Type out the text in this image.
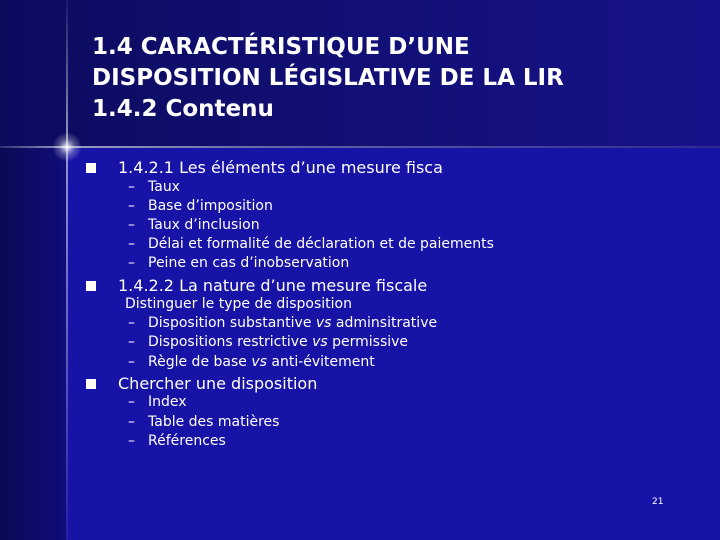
1.4 CARACTÉRISTIQUE D’UNE
DISPOSITION LÉGISLATIVE DE LA LIR
1.4.2 Contenu
1.4.2.1 Les éléments d’une mesure fisca
– Taux
– Base d’imposition
– Taux d’inclusion
– Délai et formalité de déclaration et de paiements
– Peine en cas d’inobservation
1.4.2.2 La nature d’une mesure fiscale
Distinguer le type de disposition
– Disposition substantive vs adminsitrative
– Dispositions restrictive vs permissive
– Règle de base vs anti-évitement
Chercher une disposition
– Index
– Table des matières
– Références
21
